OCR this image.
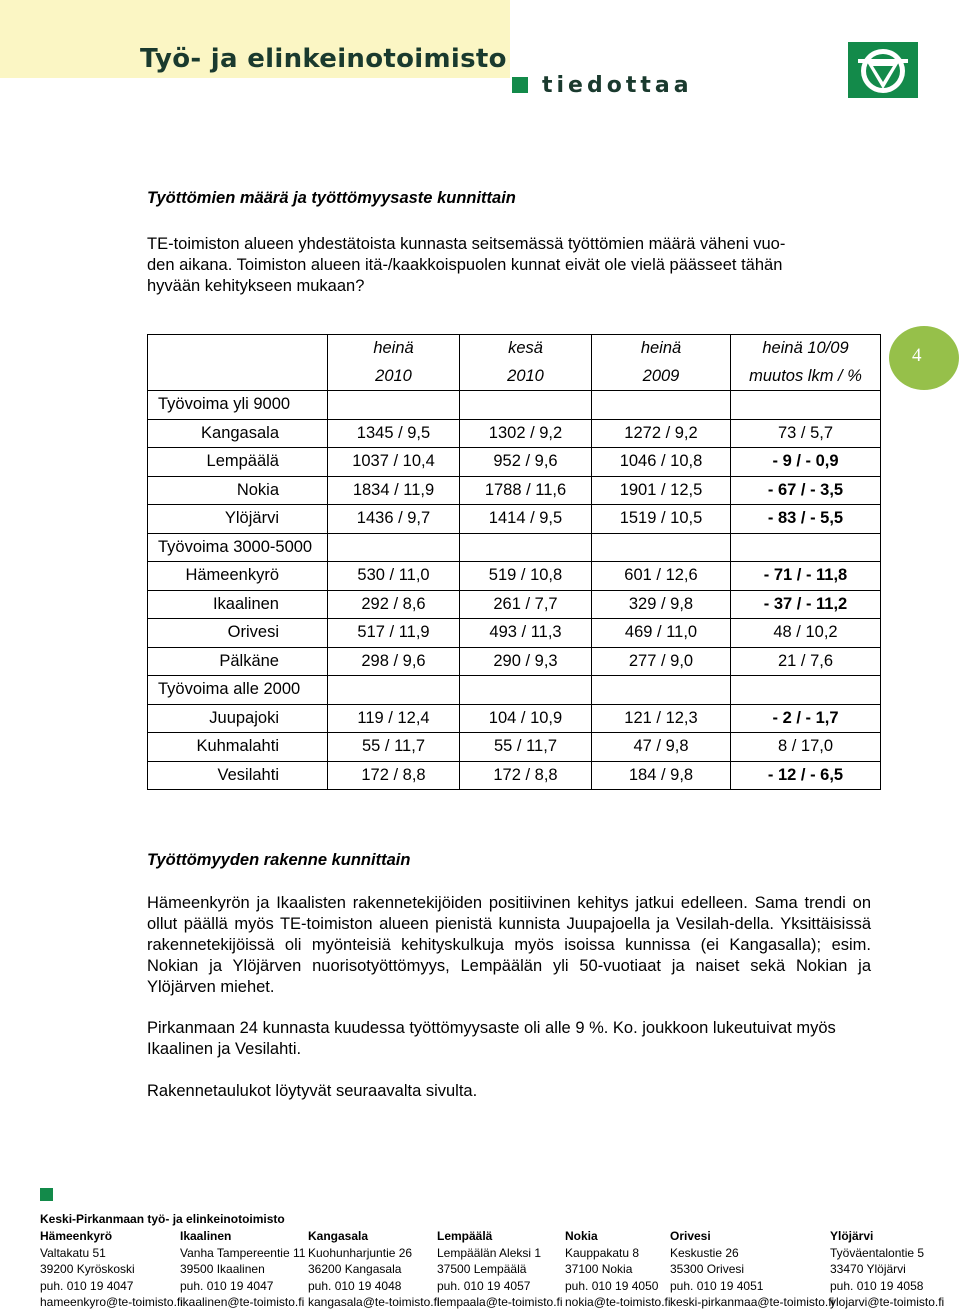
Työ- ja elinkeinotoimisto
tiedottaa
4
Työttömien määrä ja työttömyysaste kunnittain
TE-toimiston alueen yhdestätoista kunnasta seitsemässä työttömien määrä väheni vuo-
den aikana. Toimiston alueen itä-/kaakkoispuolen kunnat eivät ole vielä päässeet tähän
hyvään kehitykseen mukaan?
	heinä	kesä	heinä	heinä 10/09
	2010	2010	2009	muutos lkm / %
Työvoima yli 9000				
Kangasala	1345 / 9,5	1302 / 9,2	1272 / 9,2	73 / 5,7
Lempäälä	1037 / 10,4	952 / 9,6	1046 / 10,8	- 9 / - 0,9
Nokia	1834 / 11,9	1788 / 11,6	1901 / 12,5	- 67 / - 3,5
Ylöjärvi	1436 / 9,7	1414 / 9,5	1519 / 10,5	- 83 / - 5,5
Työvoima 3000-5000				
Hämeenkyrö	530 / 11,0	519 / 10,8	601 / 12,6	- 71 / - 11,8
Ikaalinen	292 / 8,6	261 / 7,7	329 / 9,8	- 37 / - 11,2
Orivesi	517 / 11,9	493 / 11,3	469 / 11,0	48 / 10,2
Pälkäne	298 / 9,6	290 / 9,3	277 / 9,0	21 / 7,6
Työvoima alle 2000				
Juupajoki	119 / 12,4	104 / 10,9	121 / 12,3	- 2 / - 1,7
Kuhmalahti	55 / 11,7	55 / 11,7	47 / 9,8	8 / 17,0
Vesilahti	172 / 8,8	172 / 8,8	184 / 9,8	- 12 / - 6,5
Työttömyyden rakenne kunnittain

Hämeenkyrön ja Ikaalisten rakennetekijöiden positiivinen kehitys jatkui edelleen. Sama trendi on ollut päällä myös TE-toimiston alueen pienistä kunnista Juupajoella ja Vesilah-della. Yksittäisissä rakennetekijöissä oli myönteisiä kehityskulkuja myös isoissa kunnissa (ei Kangasalla); esim. Nokian ja Ylöjärven nuorisotyöttömyys, Lempäälän yli 50-vuotiaat ja naiset sekä Nokian ja Ylöjärven miehet.

Pirkanmaan 24 kunnasta kuudessa työttömyysaste oli alle 9 %. Ko. joukkoon lukeutuivat myös Ikaalinen ja Vesilahti.

Rakennetaulukot löytyvät seuraavalta sivulta.

Keski-Pirkanmaan työ- ja elinkeinotoimisto
Hämeenkyrö
Valtakatu 51
39200 Kyröskoski
puh. 010 19 4047
hameenkyro@te-toimisto.fi
Ikaalinen
Vanha Tampereentie 11
39500 Ikaalinen
puh. 010 19 4047
ikaalinen@te-toimisto.fi
Kangasala
Kuohunharjuntie 26
36200 Kangasala
puh. 010 19 4048
kangasala@te-toimisto.fi
Lempäälä
Lempäälän Aleksi 1
37500 Lempäälä
puh. 010 19 4057
lempaala@te-toimisto.fi
Nokia
Kauppakatu 8
37100 Nokia
puh. 010 19 4050
nokia@te-toimisto.fi
Orivesi
Keskustie 26
35300 Orivesi
puh. 010 19 4051
keski-pirkanmaa@te-toimisto.fi
Ylöjärvi
Työväentalontie 5
33470 Ylöjärvi
puh. 010 19 4058
ylojarvi@te-toimisto.fi
